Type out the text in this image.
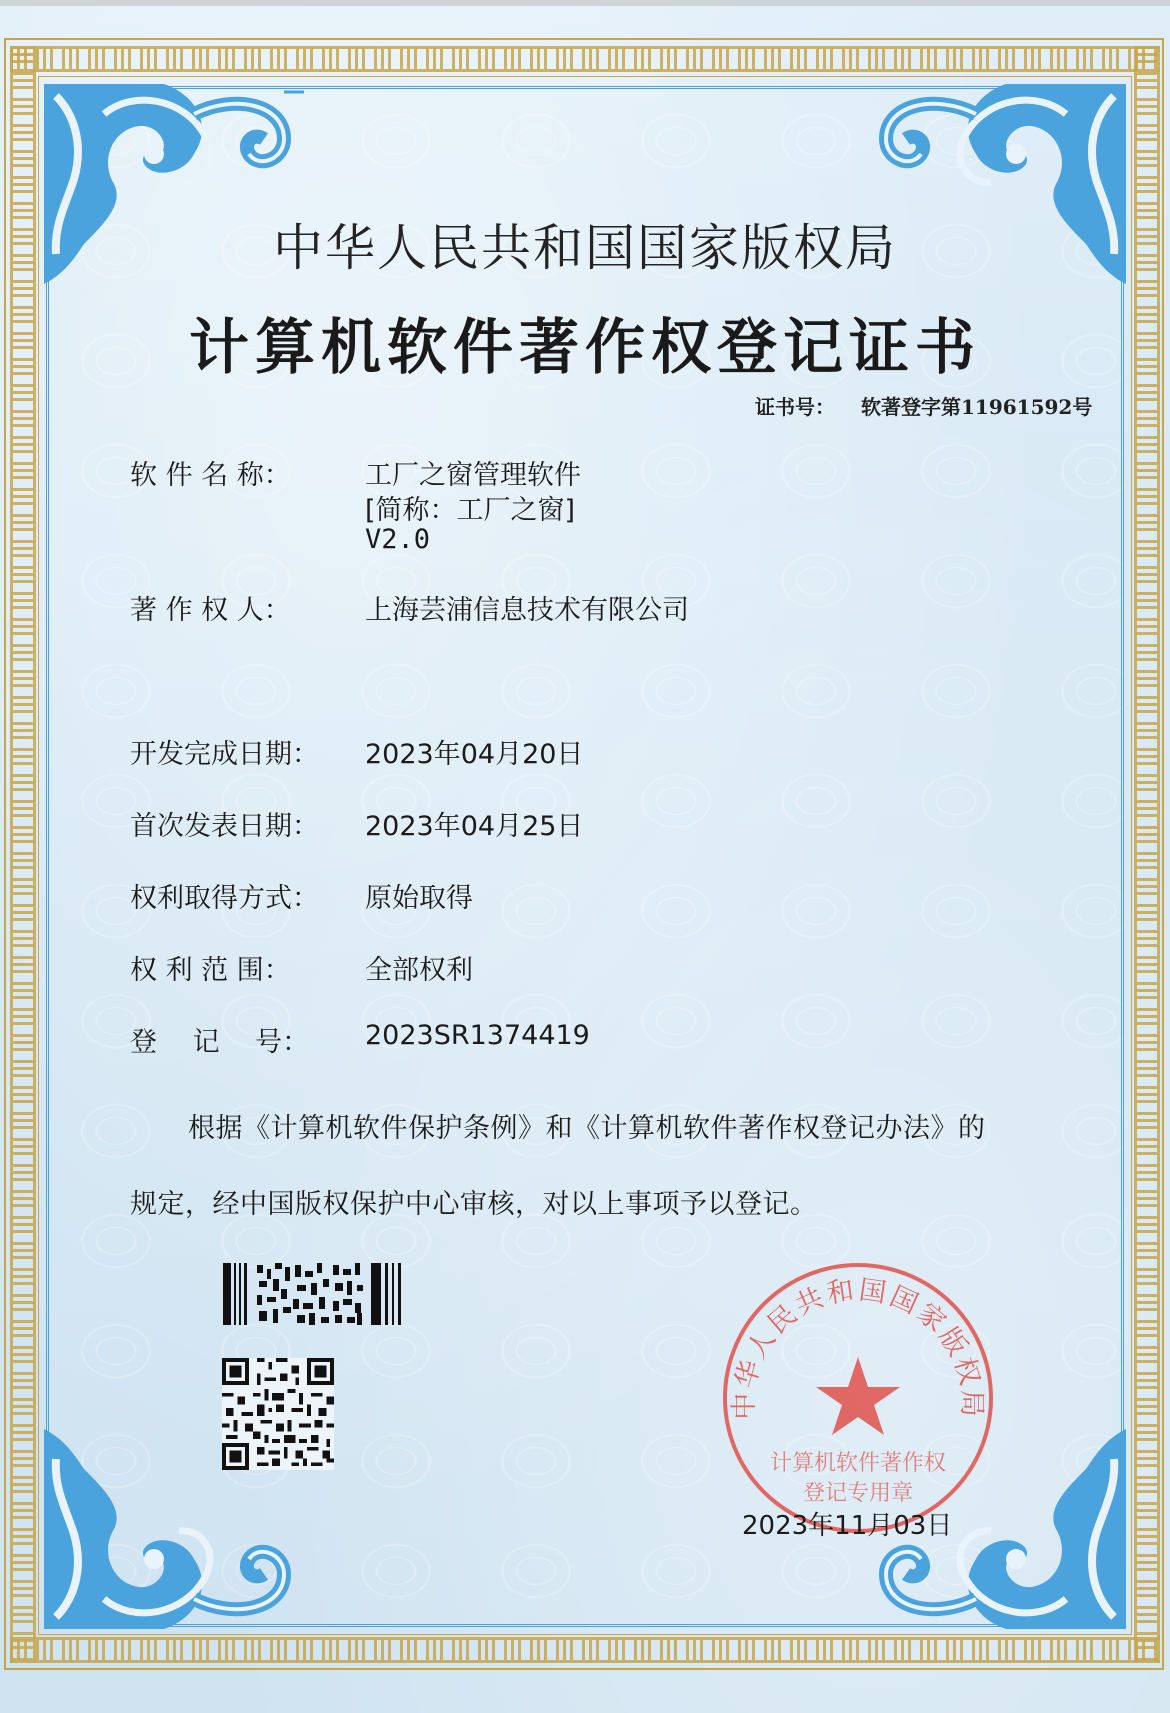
中华人民共和国国家版权局
计算机软件著作权登记证书
证书号： 软著登字第11961592号
软 件 名 称：	工厂之窗管理软件
[简称：工厂之窗]
V2.0
著 作 权 人：	上海芸浦信息技术有限公司
开发完成日期： 2023年04月20日
首次发表日期： 2023年04月25日
权利取得方式： 原始取得
权 利 范 围：	全部权利
登　 记　 号： 2023SR1374419
根据《计算机软件保护条例》和《计算机软件著作权登记办法》的
规定，经中国版权保护中心审核，对以上事项予以登记。
中华人民共和国国家版权局
计算机软件著作权
登记专用章
2023年11月03日
